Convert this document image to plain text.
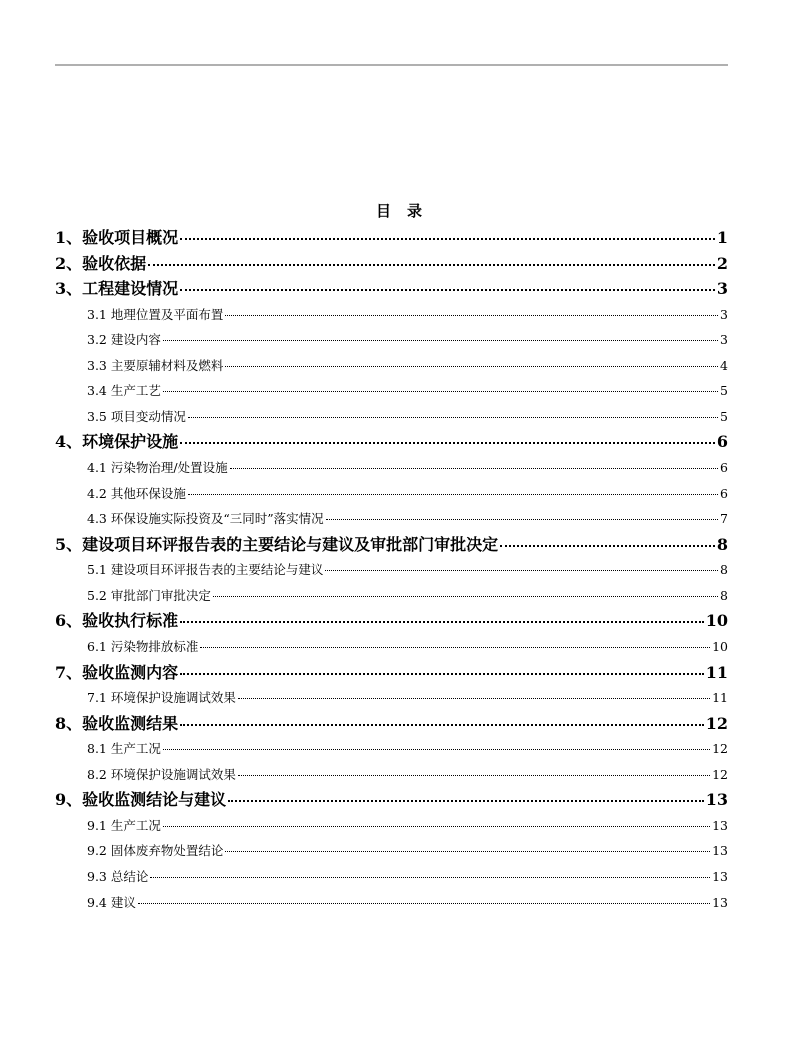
目 录
1、验收项目概况	1
2、验收依据	2
3、工程建设情况	3
3.1 地理位置及平面布置	3
3.2 建设内容	3
3.3 主要原辅材料及燃料	4
3.4 生产工艺	5
3.5 项目变动情况	5
4、环境保护设施	6
4.1 污染物治理/处置设施	6
4.2 其他环保设施	6
4.3 环保设施实际投资及“三同时”落实情况	7
5、建设项目环评报告表的主要结论与建议及审批部门审批决定	8
5.1 建设项目环评报告表的主要结论与建议	8
5.2 审批部门审批决定	8
6、验收执行标准	10
6.1 污染物排放标准	10
7、验收监测内容	11
7.1 环境保护设施调试效果	11
8、验收监测结果	12
8.1 生产工况	12
8.2 环境保护设施调试效果	12
9、验收监测结论与建议	13
9.1 生产工况	13
9.2 固体废弃物处置结论	13
9.3 总结论	13
9.4 建议	13
